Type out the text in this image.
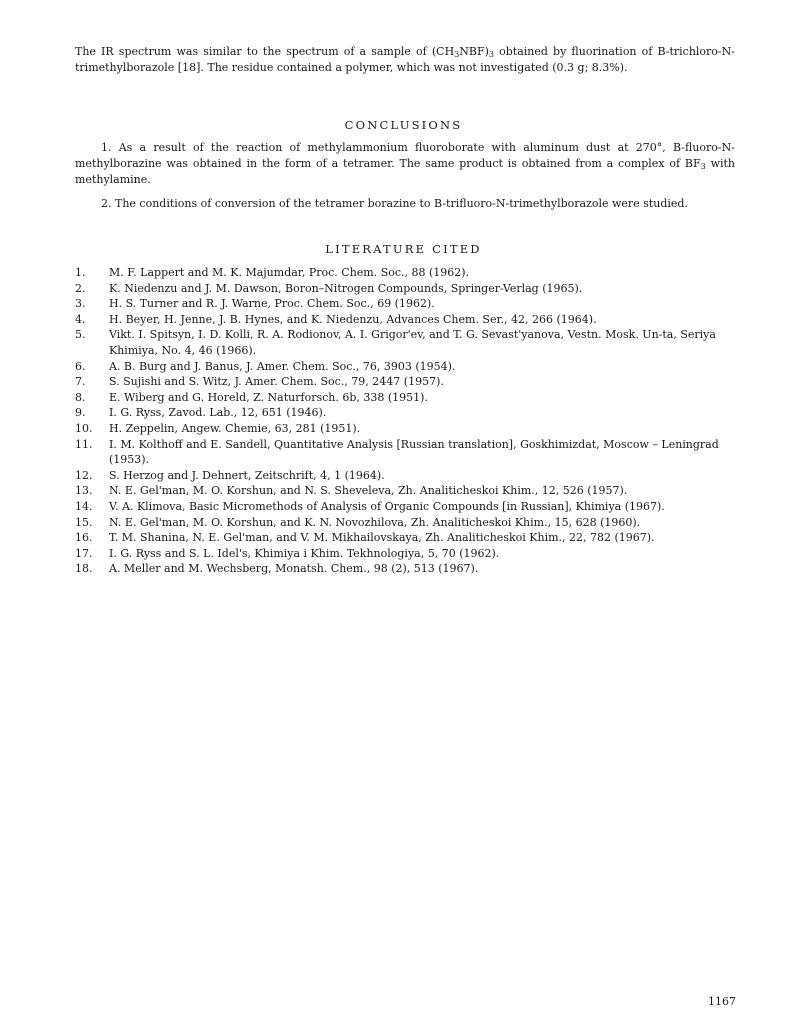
The IR spectrum was similar to the spectrum of a sample of $(CH_3NBF)_3$ obtained by fluorination of B-trichloro-N-trimethylborazole [18]. The residue contained a polymer, which was not investigated (0.3 g; 8.3%).

CONCLUSIONS

1. As a result of the reaction of methylammonium fluoroborate with aluminum dust at 270°, B-fluoro-N-methylborazine was obtained in the form of a tetramer. The same product is obtained from a complex of $BF_3$ with methylamine.

2. The conditions of conversion of the tetramer borazine to B-trifluoro-N-trimethylborazole were studied.

LITERATURE CITED
1.	M. F. Lappert and M. K. Majumdar, Proc. Chem. Soc., 88 (1962).
2.	K. Niedenzu and J. M. Dawson, Boron–Nitrogen Compounds, Springer-Verlag (1965).
3.	H. S. Turner and R. J. Warne, Proc. Chem. Soc., 69 (1962).
4.	H. Beyer, H. Jenne, J. B. Hynes, and K. Niedenzu, Advances Chem. Ser., 42, 266 (1964).
5.	Vikt. I. Spitsyn, I. D. Kolli, R. A. Rodionov, A. I. Grigor'ev, and T. G. Sevast'yanova, Vestn. Mosk. Un-ta, Seriya Khimiya, No. 4, 46 (1966).
6.	A. B. Burg and J. Banus, J. Amer. Chem. Soc., 76, 3903 (1954).
7.	S. Sujishi and S. Witz, J. Amer. Chem. Soc., 79, 2447 (1957).
8.	E. Wiberg and G. Horeld, Z. Naturforsch. 6b, 338 (1951).
9.	I. G. Ryss, Zavod. Lab., 12, 651 (1946).
10.	H. Zeppelin, Angew. Chemie, 63, 281 (1951).
11.	I. M. Kolthoff and E. Sandell, Quantitative Analysis [Russian translation], Goskhimizdat, Moscow – Leningrad (1953).
12.	S. Herzog and J. Dehnert, Zeitschrift, 4, 1 (1964).
13.	N. E. Gel'man, M. O. Korshun, and N. S. Sheveleva, Zh. Analiticheskoi Khim., 12, 526 (1957).
14.	V. A. Klimova, Basic Micromethods of Analysis of Organic Compounds [in Russian], Khimiya (1967).
15.	N. E. Gel'man, M. O. Korshun, and K. N. Novozhilova, Zh. Analiticheskoi Khim., 15, 628 (1960).
16.	T. M. Shanina, N. E. Gel'man, and V. M. Mikhailovskaya, Zh. Analiticheskoi Khim., 22, 782 (1967).
17.	I. G. Ryss and S. L. Idel's, Khimiya i Khim. Tekhnologiya, 5, 70 (1962).
18.	A. Meller and M. Wechsberg, Monatsh. Chem., 98 (2), 513 (1967).
1167
